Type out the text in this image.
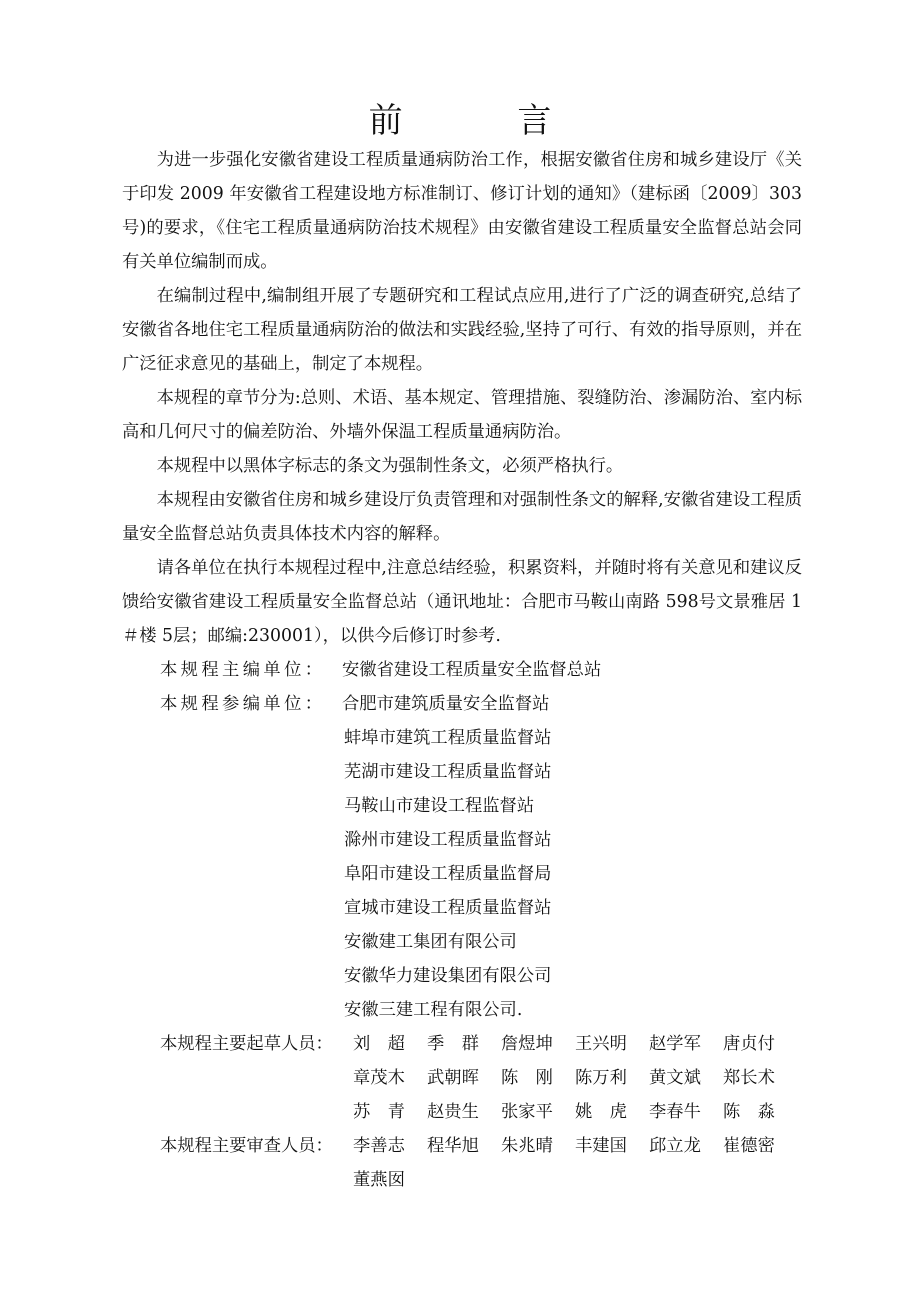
前 言

为进一步强化安徽省建设工程质量通病防治工作，根据安徽省住房和城乡建设厅《关于印发 2009 年安徽省工程建设地方标准制订、修订计划的通知》（建标函〔2009〕303 号)的要求，《住宅工程质量通病防治技术规程》由安徽省建设工程质量安全监督总站会同有关单位编制而成。

在编制过程中,编制组开展了专题研究和工程试点应用,进行了广泛的调查研究,总结了安徽省各地住宅工程质量通病防治的做法和实践经验,坚持了可行、有效的指导原则，并在广泛征求意见的基础上，制定了本规程。

本规程的章节分为:总则、术语、基本规定、管理措施、裂缝防治、渗漏防治、室内标高和几何尺寸的偏差防治、外墙外保温工程质量通病防治。

本规程中以黑体字标志的条文为强制性条文，必须严格执行。

本规程由安徽省住房和城乡建设厅负责管理和对强制性条文的解释,安徽省建设工程质量安全监督总站负责具体技术内容的解释。

请各单位在执行本规程过程中,注意总结经验，积累资料，并随时将有关意见和建议反馈给安徽省建设工程质量安全监督总站（通讯地址：合肥市马鞍山南路 598号文景雅居 1＃楼 5层；邮编:230001），以供今后修订时参考.

本规程主编单位： 安徽省建设工程质量安全监督总站
本规程参编单位： 合肥市建筑质量安全监督站
蚌埠市建筑工程质量监督站
芜湖市建设工程质量监督站
马鞍山市建设工程监督站
滁州市建设工程质量监督站
阜阳市建设工程质量监督局
宣城市建设工程质量监督站
安徽建工集团有限公司
安徽华力建设集团有限公司
安徽三建工程有限公司.
本规程主要起草人员：	刘　超	季　群	詹煜坤	王兴明	赵学军	唐贞付
章茂木	武朝晖	陈　刚	陈万利	黄文斌	郑长术
苏　青	赵贵生	张家平	姚　虎	李春牛	陈　淼
本规程主要审查人员：	李善志	程华旭	朱兆晴	丰建国	邱立龙	崔德密
董燕囡
